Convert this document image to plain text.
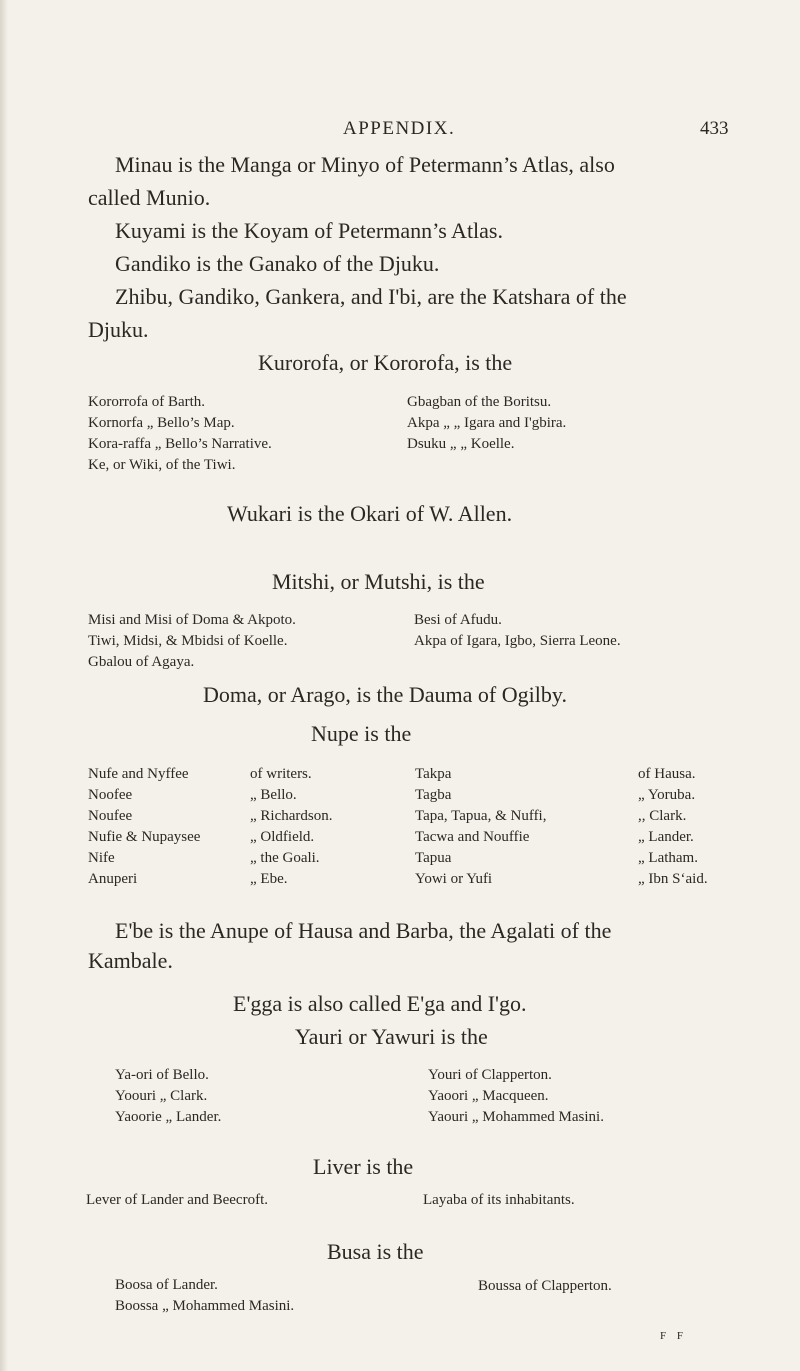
APPENDIX.	433
Minau is the Manga or Minyo of Petermann’s Atlas, also
called Munio.
Kuyami is the Koyam of Petermann’s Atlas.
Gandiko is the Ganako of the Djuku.
Zhibu, Gandiko, Gankera, and I'bi, are the Katshara of the
Djuku.
Kurorofa, or Kororofa, is the
Kororrofa of Barth.
Kornorfa „ Bello’s Map.
Kora-raffa „ Bello’s Narrative.
Ke, or Wiki, of the Tiwi.
Gbagban of the Boritsu.
Akpa „ „ Igara and I'gbira.
Dsuku „ „ Koelle.
Wukari is the Okari of W. Allen.
Mitshi, or Mutshi, is the
Misi and Misi of Doma & Akpoto.
Tiwi, Midsi, & Mbidsi of Koelle.
Gbalou of Agaya.
Besi of Afudu.
Akpa of Igara, Igbo, Sierra Leone.
Doma, or Arago, is the Dauma of Ogilby.
Nupe is the
Nufe and Nyffee
Noofee
Noufee
Nufie & Nupaysee
Nife
Anuperi
of writers.
„ Bello.
„ Richardson.
„ Oldfield.
„ the Goali.
„ Ebe.
Takpa
Tagba
Tapa, Tapua, & Nuffi,
Tacwa and Nouffie
Tapua
Yowi or Yufi
of Hausa.
„ Yoruba.
,, Clark.
„ Lander.
„ Latham.
„ Ibn S‘aid.
E'be is the Anupe of Hausa and Barba, the Agalati of the
Kambale.
E'gga is also called E'ga and I'go.
Yauri or Yawuri is the
Ya-ori of Bello.
Yoouri „ Clark.
Yaoorie „ Lander.
Youri of Clapperton.
Yaoori „ Macqueen.
Yaouri „ Mohammed Masini.
Liver is the
Lever of Lander and Beecroft.	Layaba of its inhabitants.
Busa is the
Boosa of Lander.
Boossa „ Mohammed Masini.
Boussa of Clapperton.
F F
